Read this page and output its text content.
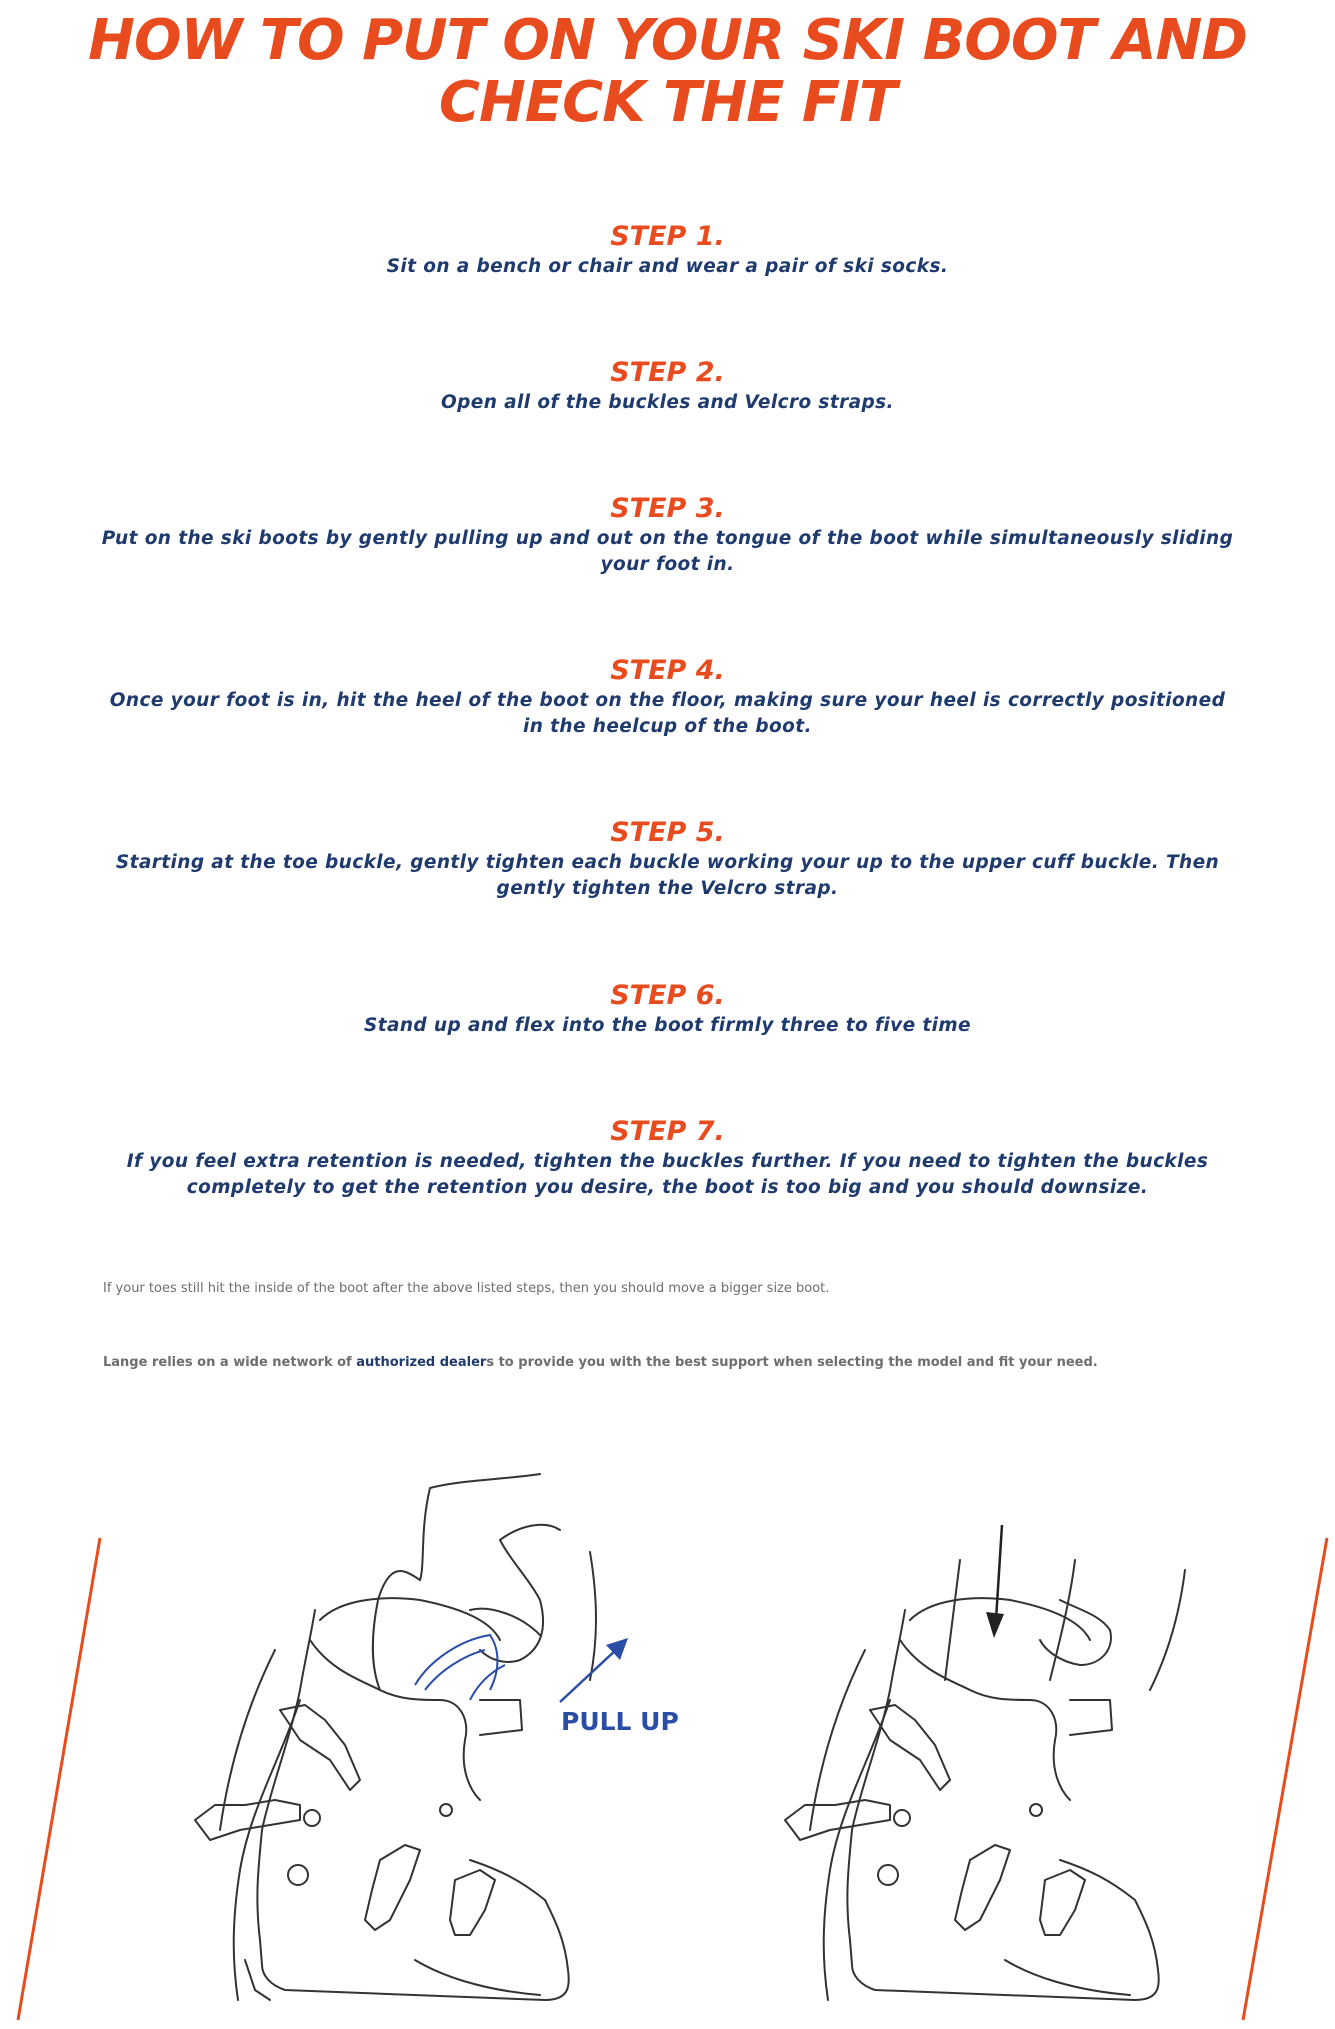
HOW TO PUT ON YOUR SKI BOOT AND CHECK THE FIT

STEP 1.

Sit on a bench or chair and wear a pair of ski socks.

STEP 2.

Open all of the buckles and Velcro straps.

STEP 3.

Put on the ski boots by gently pulling up and out on the tongue of the boot while simultaneously sliding your foot in.

STEP 4.

Once your foot is in, hit the heel of the boot on the floor, making sure your heel is correctly positioned in the heelcup of the boot.

STEP 5.

Starting at the toe buckle, gently tighten each buckle working your up to the upper cuff buckle. Then gently tighten the Velcro strap.

STEP 6.

Stand up and flex into the boot firmly three to five time

STEP 7.

If you feel extra retention is needed, tighten the buckles further. If you need to tighten the buckles completely to get the retention you desire, the boot is too big and you should downsize.

If your toes still hit the inside of the boot after the above listed steps, then you should move a bigger size boot.

Lange relies on a wide network of authorized dealers to provide you with the best support when selecting the model and fit your need.

PULL UP
